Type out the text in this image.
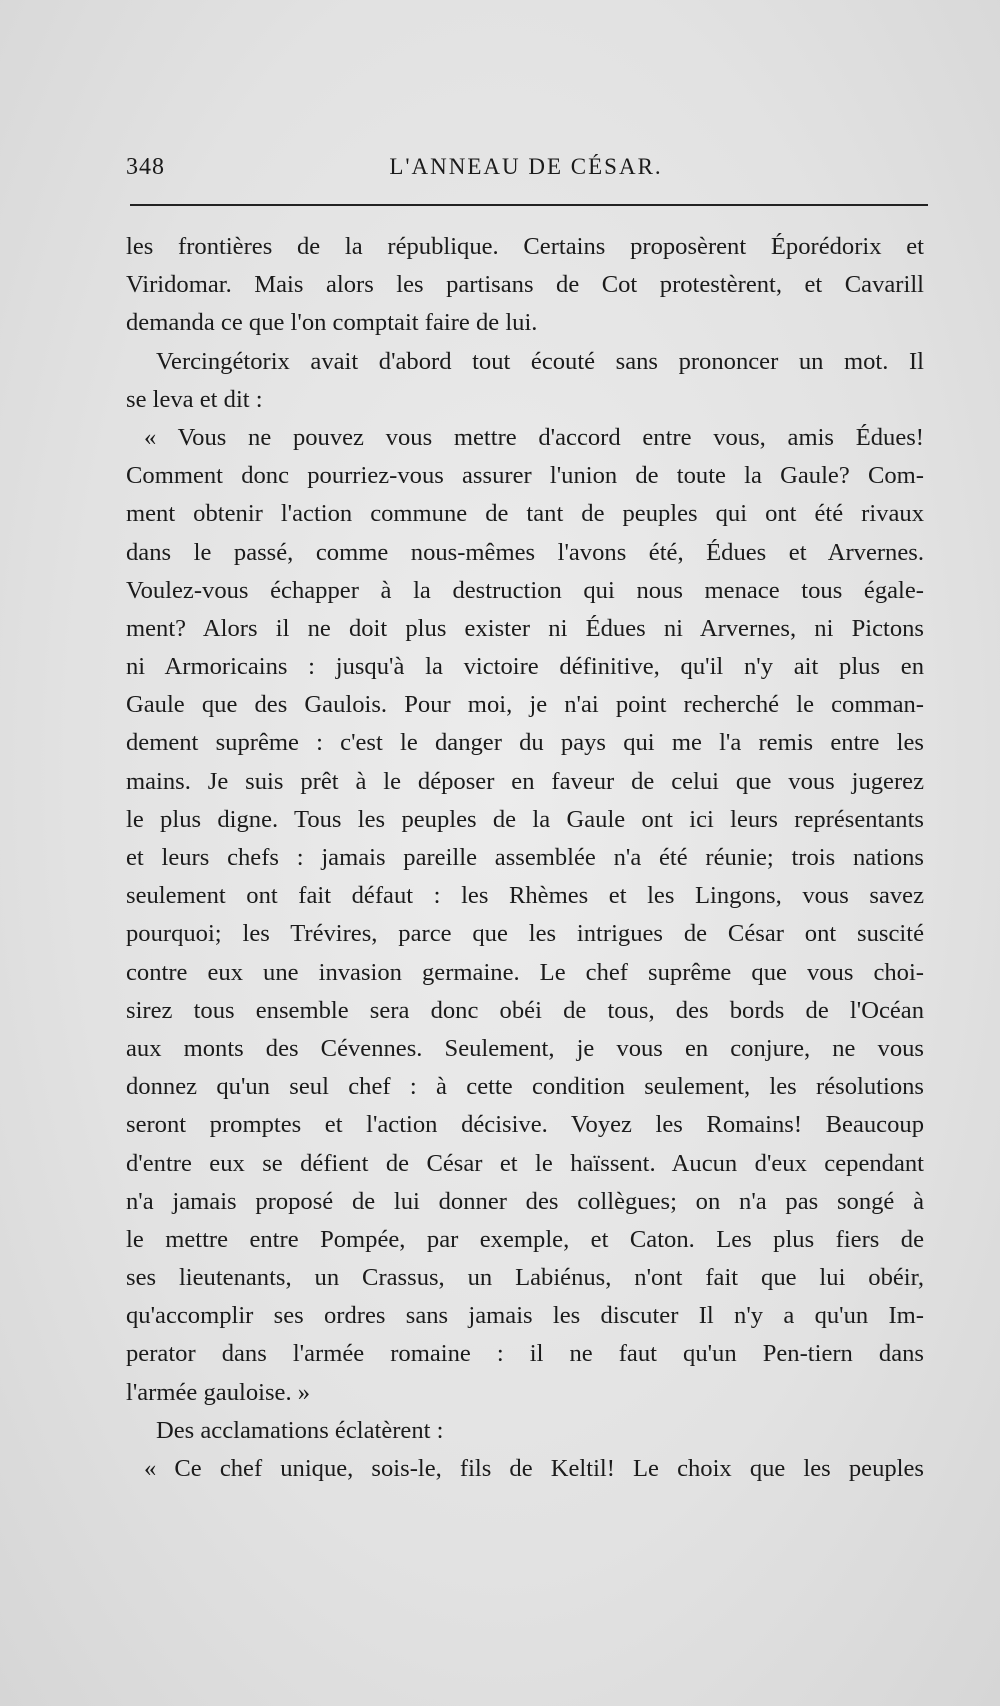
348	L'ANNEAU DE CÉSAR.
les frontières de la république. Certains proposèrent Éporédorix et
Viridomar. Mais alors les partisans de Cot protestèrent, et Cavarill
demanda ce que l'on comptait faire de lui.
Vercingétorix avait d'abord tout écouté sans prononcer un mot. Il
se leva et dit :
« Vous ne pouvez vous mettre d'accord entre vous, amis Édues!
Comment donc pourriez-vous assurer l'union de toute la Gaule? Com-
ment obtenir l'action commune de tant de peuples qui ont été rivaux
dans le passé, comme nous-mêmes l'avons été, Édues et Arvernes.
Voulez-vous échapper à la destruction qui nous menace tous égale-
ment? Alors il ne doit plus exister ni Édues ni Arvernes, ni Pictons
ni Armoricains : jusqu'à la victoire définitive, qu'il n'y ait plus en
Gaule que des Gaulois. Pour moi, je n'ai point recherché le comman-
dement suprême : c'est le danger du pays qui me l'a remis entre les
mains. Je suis prêt à le déposer en faveur de celui que vous jugerez
le plus digne. Tous les peuples de la Gaule ont ici leurs représentants
et leurs chefs : jamais pareille assemblée n'a été réunie; trois nations
seulement ont fait défaut : les Rhèmes et les Lingons, vous savez
pourquoi; les Trévires, parce que les intrigues de César ont suscité
contre eux une invasion germaine. Le chef suprême que vous choi-
sirez tous ensemble sera donc obéi de tous, des bords de l'Océan
aux monts des Cévennes. Seulement, je vous en conjure, ne vous
donnez qu'un seul chef : à cette condition seulement, les résolutions
seront promptes et l'action décisive. Voyez les Romains! Beaucoup
d'entre eux se défient de César et le haïssent. Aucun d'eux cependant
n'a jamais proposé de lui donner des collègues; on n'a pas songé à
le mettre entre Pompée, par exemple, et Caton. Les plus fiers de
ses lieutenants, un Crassus, un Labiénus, n'ont fait que lui obéir,
qu'accomplir ses ordres sans jamais les discuter Il n'y a qu'un Im-
perator dans l'armée romaine : il ne faut qu'un Pen-tiern dans
l'armée gauloise. »
Des acclamations éclatèrent :
« Ce chef unique, sois-le, fils de Keltil! Le choix que les peuples
